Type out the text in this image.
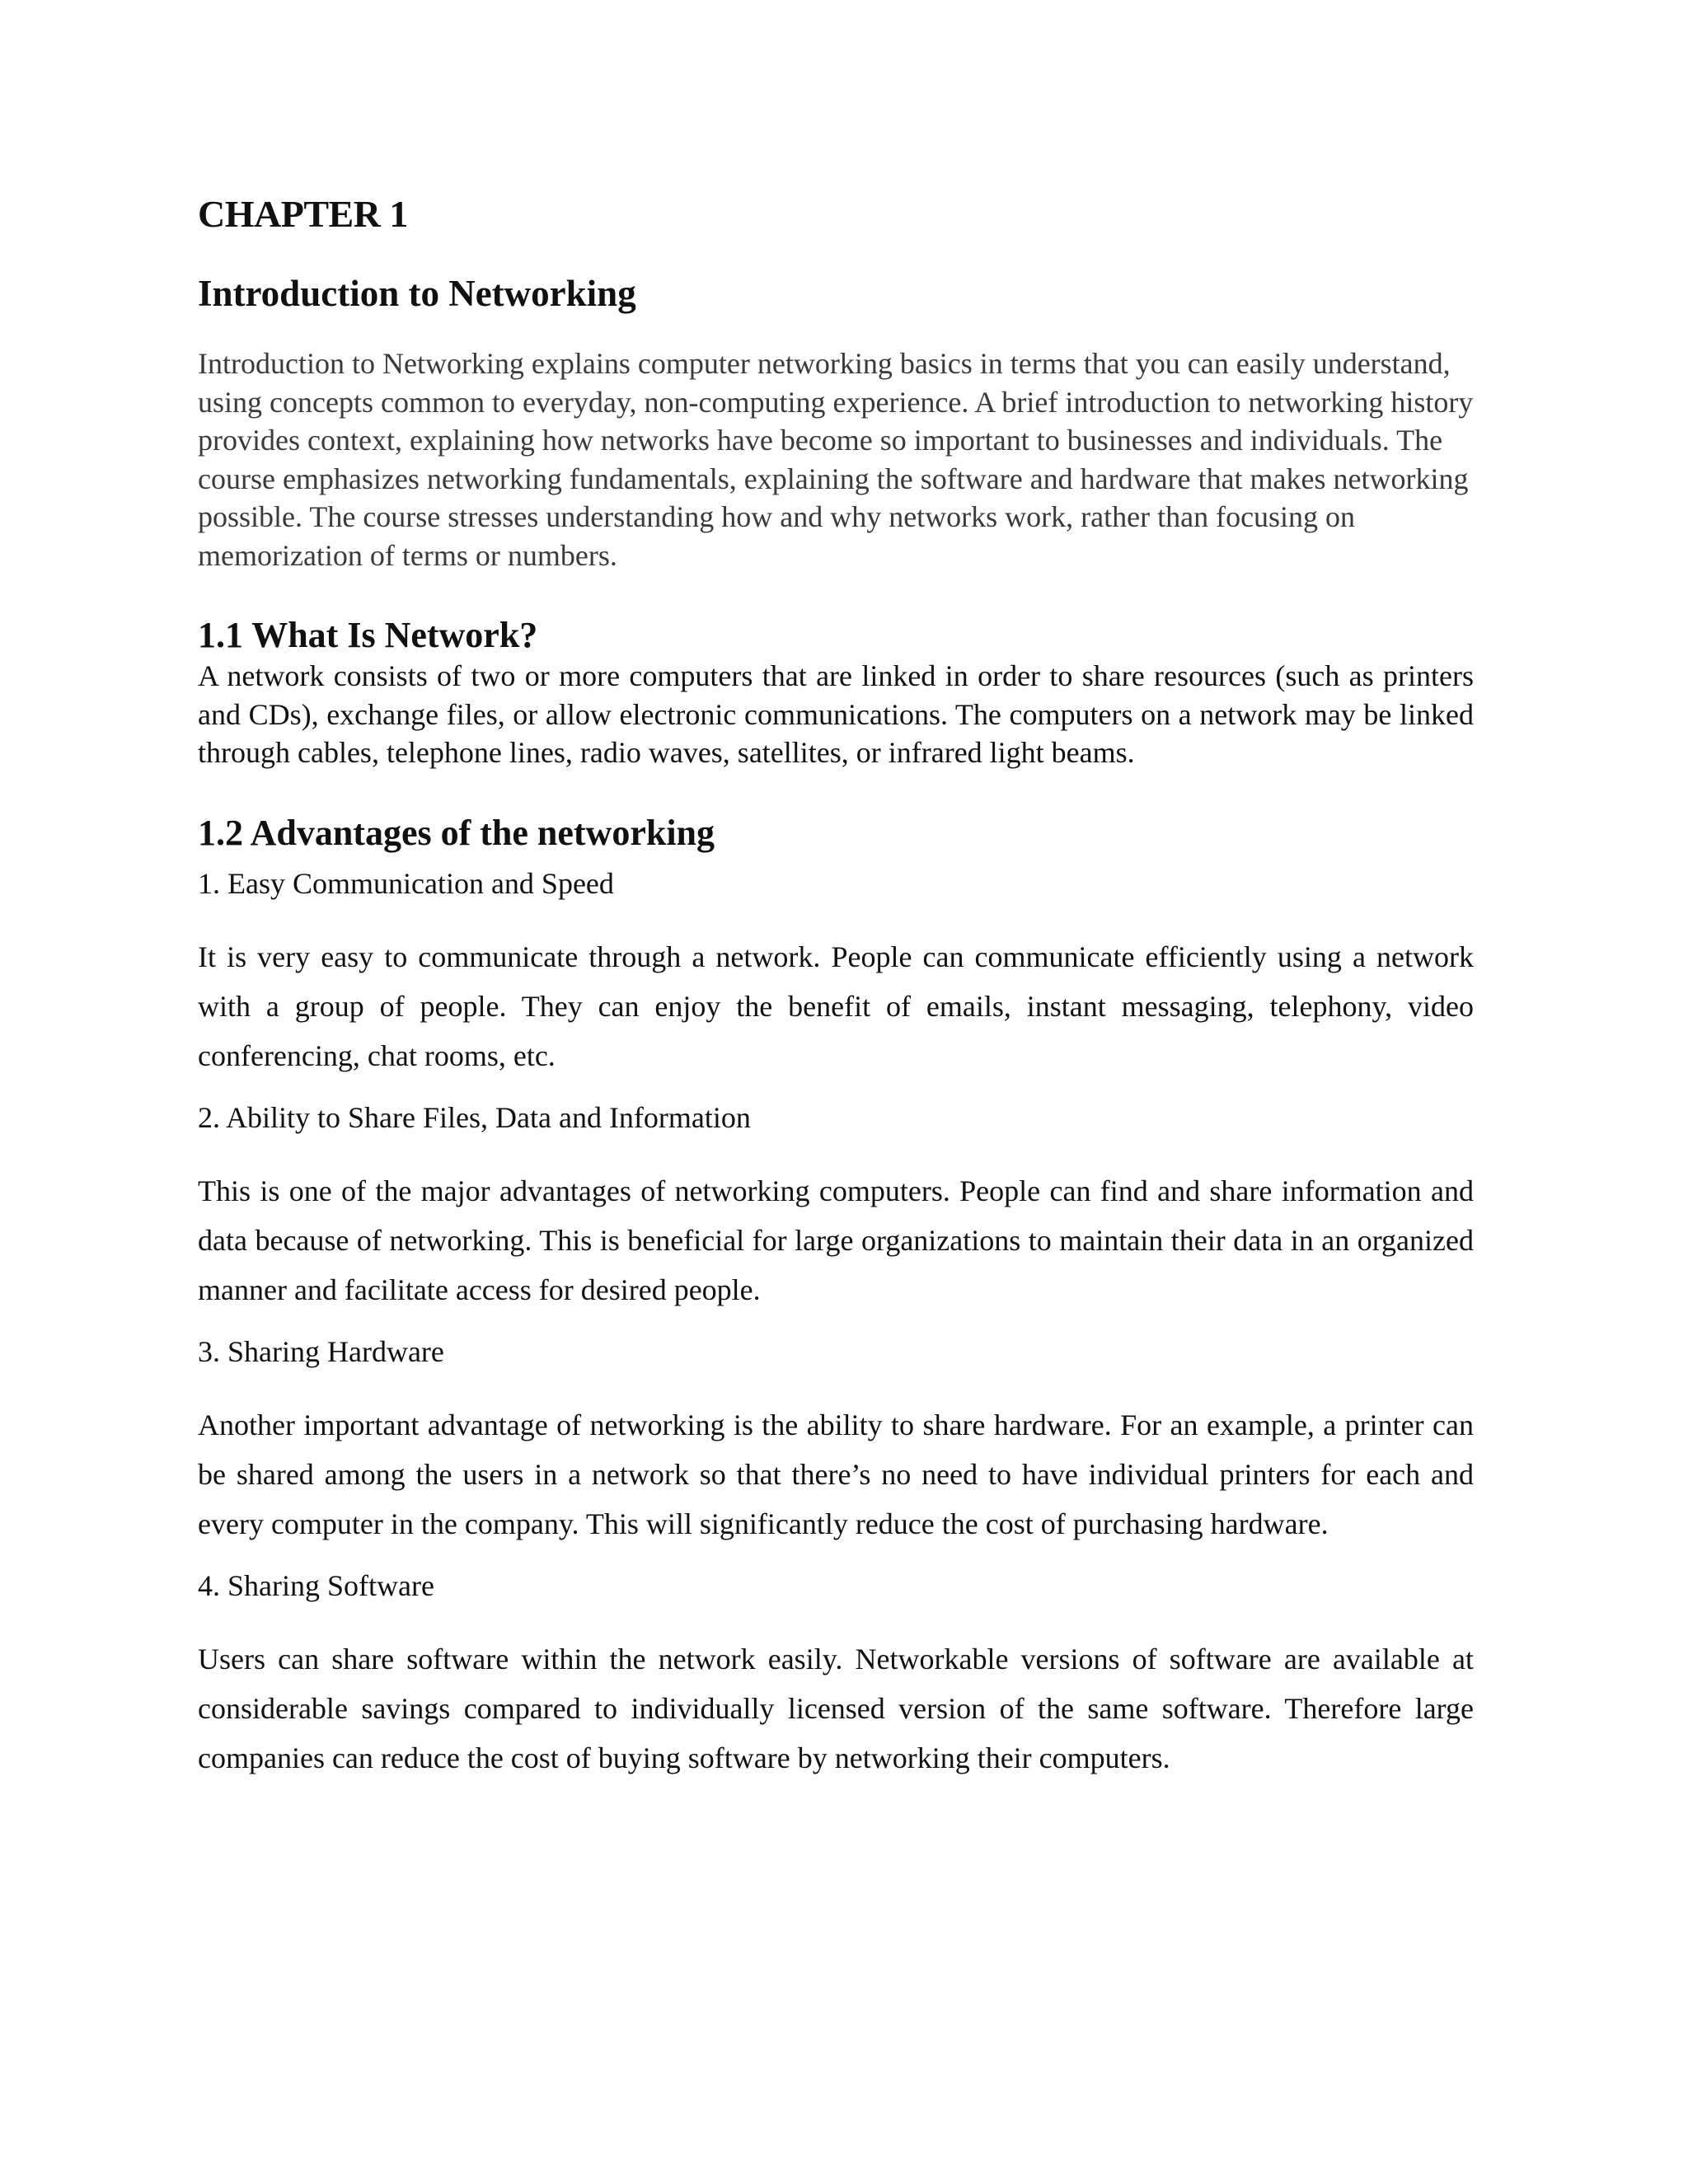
CHAPTER 1
Introduction to Networking

Introduction to Networking explains computer networking basics in terms that you can easily understand, using concepts common to everyday, non-computing experience. A brief introduction to networking history provides context, explaining how networks have become so important to businesses and individuals. The course emphasizes networking fundamentals, explaining the software and hardware that makes networking possible. The course stresses understanding how and why networks work, rather than focusing on memorization of terms or numbers.

1.1 What Is Network?

A network consists of two or more computers that are linked in order to share resources (such as printers and CDs), exchange files, or allow electronic communications. The computers on a network may be linked through cables, telephone lines, radio waves, satellites, or infrared light beams.

1.2 Advantages of the networking
1. Easy Communication and Speed

It is very easy to communicate through a network. People can communicate efficiently using a network with a group of people. They can enjoy the benefit of emails, instant messaging, telephony, video conferencing, chat rooms, etc.

2. Ability to Share Files, Data and Information

This is one of the major advantages of networking computers. People can find and share information and data because of networking. This is beneficial for large organizations to maintain their data in an organized manner and facilitate access for desired people.

3. Sharing Hardware

Another important advantage of networking is the ability to share hardware. For an example, a printer can be shared among the users in a network so that there’s no need to have individual printers for each and every computer in the company. This will significantly reduce the cost of purchasing hardware.

4. Sharing Software

Users can share software within the network easily. Networkable versions of software are available at considerable savings compared to individually licensed version of the same software. Therefore large companies can reduce the cost of buying software by networking their computers.
